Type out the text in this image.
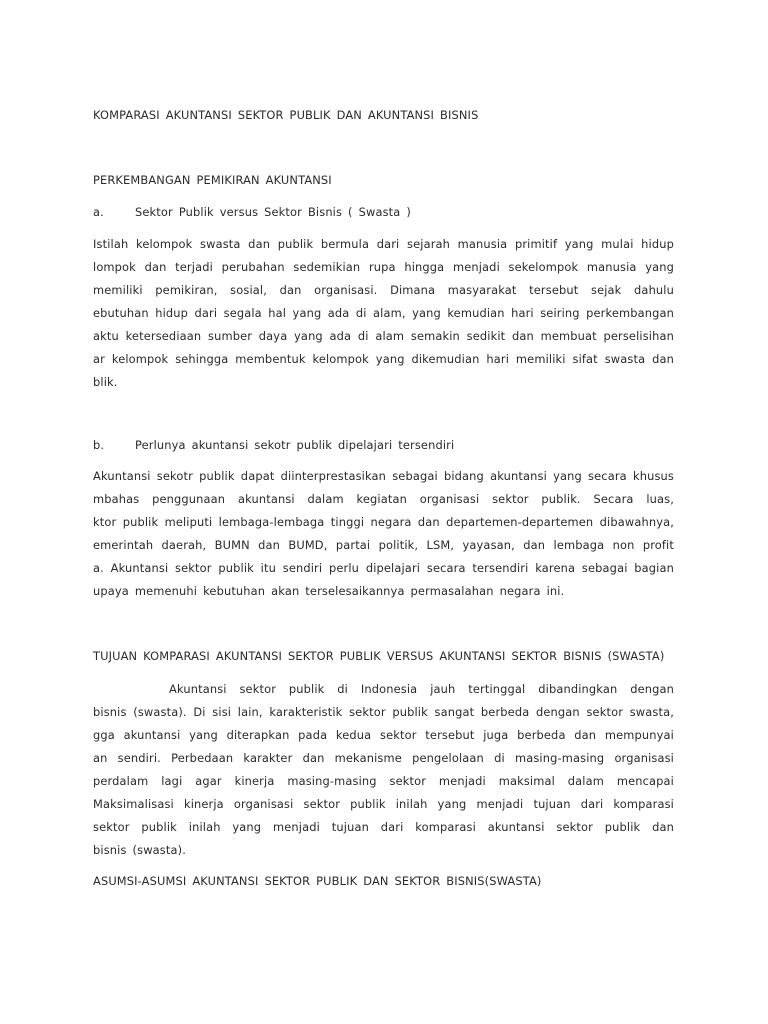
KOMPARASI AKUNTANSI SEKTOR PUBLIK DAN AKUNTANSI BISNIS
PERKEMBANGAN PEMIKIRAN AKUNTANSI
a.	Sektor Publik versus Sektor Bisnis ( Swasta )
Istilah kelompok swasta dan publik bermula dari sejarah manusia primitif yang mulai hidup
lompok dan terjadi perubahan sedemikian rupa hingga menjadi sekelompok manusia yang
memiliki pemikiran, sosial, dan organisasi. Dimana masyarakat tersebut sejak dahulu
ebutuhan hidup dari segala hal yang ada di alam, yang kemudian hari seiring perkembangan
aktu ketersediaan sumber daya yang ada di alam semakin sedikit dan membuat perselisihan
ar kelompok sehingga membentuk kelompok yang dikemudian hari memiliki sifat swasta dan
blik.
b.	Perlunya akuntansi sekotr publik dipelajari tersendiri
Akuntansi sekotr publik dapat diinterprestasikan sebagai bidang akuntansi yang secara khusus
mbahas penggunaan akuntansi dalam kegiatan organisasi sektor publik. Secara luas,
ktor publik meliputi lembaga-lembaga tinggi negara dan departemen-departemen dibawahnya,
emerintah daerah, BUMN dan BUMD, partai politik, LSM, yayasan, dan lembaga non profit
a. Akuntansi sektor publik itu sendiri perlu dipelajari secara tersendiri karena sebagai bagian
upaya memenuhi kebutuhan akan terselesaikannya permasalahan negara ini.
TUJUAN KOMPARASI AKUNTANSI SEKTOR PUBLIK VERSUS AKUNTANSI SEKTOR BISNIS (SWASTA)
Akuntansi sektor publik di Indonesia jauh tertinggal dibandingkan dengan
bisnis (swasta). Di sisi lain, karakteristik sektor publik sangat berbeda dengan sektor swasta,
gga akuntansi yang diterapkan pada kedua sektor tersebut juga berbeda dan mempunyai
an sendiri. Perbedaan karakter dan mekanisme pengelolaan di masing-masing organisasi
perdalam lagi agar kinerja masing-masing sektor menjadi maksimal dalam mencapai
Maksimalisasi kinerja organisasi sektor publik inilah yang menjadi tujuan dari komparasi
sektor publik inilah yang menjadi tujuan dari komparasi akuntansi sektor publik dan
bisnis (swasta).
ASUMSI-ASUMSI AKUNTANSI SEKTOR PUBLIK DAN SEKTOR BISNIS(SWASTA)
